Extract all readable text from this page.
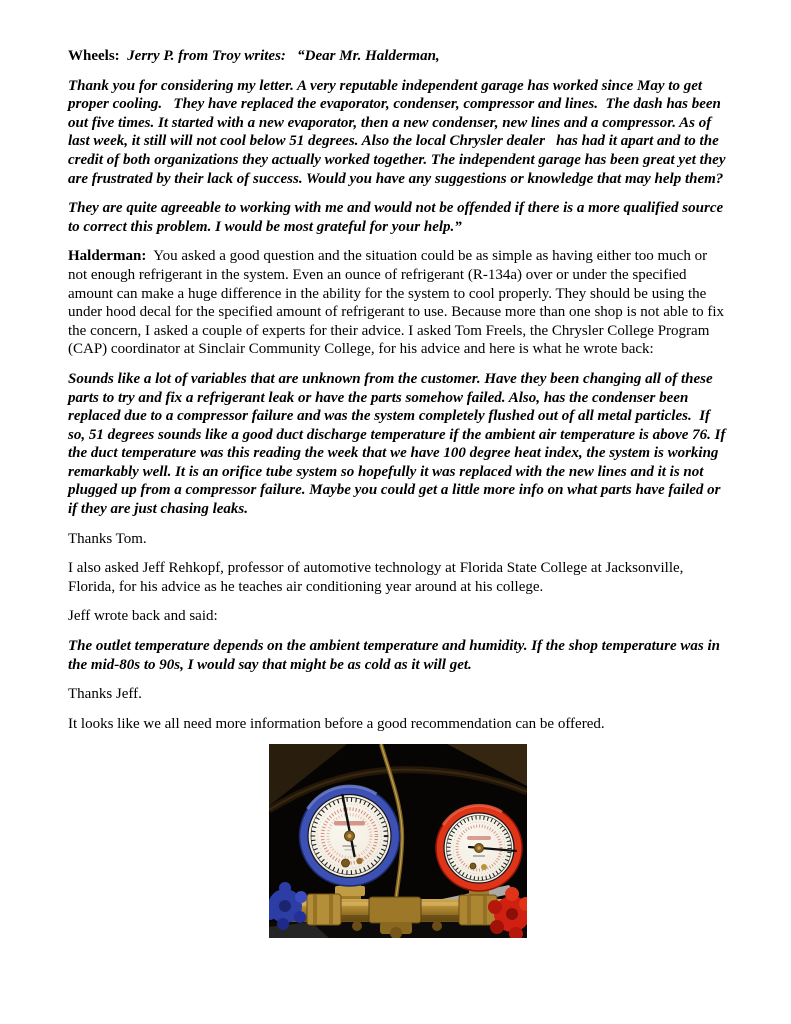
Wheels:  Jerry P. from Troy writes:   “Dear Mr. Halderman,

Thank you for considering my letter. A very reputable independent garage has worked since May to get proper cooling.   They have replaced the evaporator, condenser, compressor and lines.  The dash has been out five times. It started with a new evaporator, then a new condenser, new lines and a compressor. As of last week, it still will not cool below 51 degrees. Also the local Chrysler dealer   has had it apart and to the credit of both organizations they actually worked together. The independent garage has been great yet they are frustrated by their lack of success. Would you have any suggestions or knowledge that may help them?

They are quite agreeable to working with me and would not be offended if there is a more qualified source to correct this problem. I would be most grateful for your help.”

Halderman:  You asked a good question and the situation could be as simple as having either too much or not enough refrigerant in the system. Even an ounce of refrigerant (R-134a) over or under the specified amount can make a huge difference in the ability for the system to cool properly. They should be using the under hood decal for the specified amount of refrigerant to use. Because more than one shop is not able to fix the concern, I asked a couple of experts for their advice. I asked Tom Freels, the Chrysler College Program (CAP) coordinator at Sinclair Community College, for his advice and here is what he wrote back:

Sounds like a lot of variables that are unknown from the customer. Have they been changing all of these parts to try and fix a refrigerant leak or have the parts somehow failed. Also, has the condenser been replaced due to a compressor failure and was the system completely flushed out of all metal particles.  If so, 51 degrees sounds like a good duct discharge temperature if the ambient air temperature is above 76. If the duct temperature was this reading the week that we have 100 degree heat index, the system is working remarkably well. It is an orifice tube system so hopefully it was replaced with the new lines and it is not plugged up from a compressor failure. Maybe you could get a little more info on what parts have failed or if they are just chasing leaks.

Thanks Tom.

I also asked Jeff Rehkopf, professor of automotive technology at Florida State College at Jacksonville, Florida, for his advice as he teaches air conditioning year around at his college.

Jeff wrote back and said:

The outlet temperature depends on the ambient temperature and humidity. If the shop temperature was in the mid-80s to 90s, I would say that might be as cold as it will get.

Thanks Jeff.

It looks like we all need more information before a good recommendation can be offered.
